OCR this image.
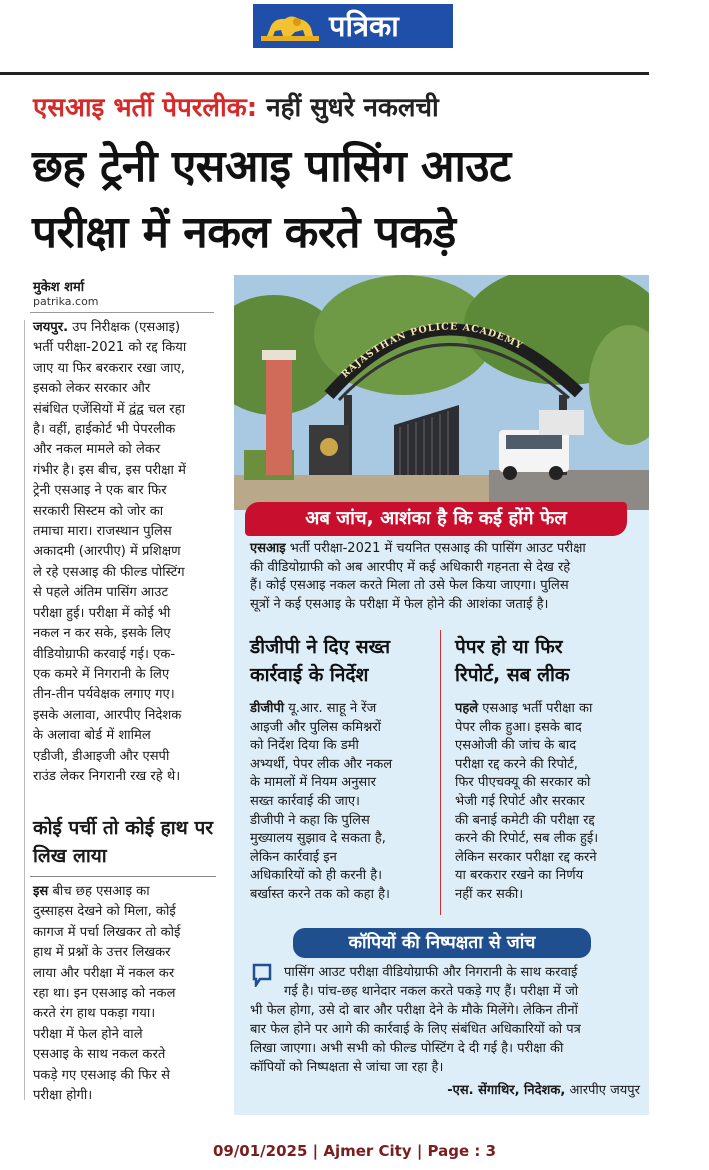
पत्रिका
एसआइ भर्ती पेपरलीक: नहीं सुधरे नकलची
छह ट्रेनी एसआइ पासिंग आउट
परीक्षा में नकल करते पकड़े
मुकेश शर्मा
patrika.com
जयपुर. उप निरीक्षक (एसआइ)
भर्ती परीक्षा-2021 को रद्द किया
जाए या फिर बरकरार रखा जाए,
इसको लेकर सरकार और
संबंधित एजेंसियों में द्वंद्व चल रहा
है। वहीं, हाईकोर्ट भी पेपरलीक
और नकल मामले को लेकर
गंभीर है। इस बीच, इस परीक्षा में
ट्रेनी एसआइ ने एक बार फिर
सरकारी सिस्टम को जोर का
तमाचा मारा। राजस्थान पुलिस
अकादमी (आरपीए) में प्रशिक्षण
ले रहे एसआइ की फील्ड पोस्टिंग
से पहले अंतिम पासिंग आउट
परीक्षा हुई। परीक्षा में कोई भी
नकल न कर सके, इसके लिए
वीडियोग्राफी करवाई गई। एक-
एक कमरे में निगरानी के लिए
तीन-तीन पर्यवेक्षक लगाए गए।
इसके अलावा, आरपीए निदेशक
के अलावा बोर्ड में शामिल
एडीजी, डीआइजी और एसपी
राउंड लेकर निगरानी रख रहे थे।
कोई पर्ची तो कोई हाथ पर लिख लाया
इस बीच छह एसआइ का
दुस्साहस देखने को मिला, कोई
कागज में पर्चा लिखकर तो कोई
हाथ में प्रश्नों के उत्तर लिखकर
लाया और परीक्षा में नकल कर
रहा था। इन एसआइ को नकल
करते रंग हाथ पकड़ा गया।
परीक्षा में फेल होने वाले
एसआइ के साथ नकल करते
पकड़े गए एसआइ की फिर से
परीक्षा होगी।
RAJASTHAN POLICE ACADEMY
अब जांच, आशंका है कि कई होंगे फेल
एसआइ भर्ती परीक्षा-2021 में चयनित एसआइ की पासिंग आउट परीक्षा
की वीडियोग्राफी को अब आरपीए में कई अधिकारी गहनता से देख रहे
हैं। कोई एसआइ नकल करते मिला तो उसे फेल किया जाएगा। पुलिस
सूत्रों ने कई एसआइ के परीक्षा में फेल होने की आशंका जताई है।
डीजीपी ने दिए सख्त
कार्रवाई के निर्देश
डीजीपी यू.आर. साहू ने रेंज
आइजी और पुलिस कमिश्नरों
को निर्देश दिया कि डमी
अभ्यर्थी, पेपर लीक और नकल
के मामलों में नियम अनुसार
सख्त कार्रवाई की जाए।
डीजीपी ने कहा कि पुलिस
मुख्यालय सुझाव दे सकता है,
लेकिन कार्रवाई इन
अधिकारियों को ही करनी है।
बर्खास्त करने तक को कहा है।
पेपर हो या फिर
रिपोर्ट, सब लीक
पहले एसआइ भर्ती परीक्षा का
पेपर लीक हुआ। इसके बाद
एसओजी की जांच के बाद
परीक्षा रद्द करने की रिपोर्ट,
फिर पीएचक्यू की सरकार को
भेजी गई रिपोर्ट और सरकार
की बनाई कमेटी की परीक्षा रद्द
करने की रिपोर्ट, सब लीक हुई।
लेकिन सरकार परीक्षा रद्द करने
या बरकरार रखने का निर्णय
नहीं कर सकी।
कॉपियों की निष्पक्षता से जांच
पासिंग आउट परीक्षा वीडियोग्राफी और निगरानी के साथ करवाई
गई है। पांच-छह थानेदार नकल करते पकड़े गए हैं। परीक्षा में जो
भी फेल होगा, उसे दो बार और परीक्षा देने के मौके मिलेंगे। लेकिन तीनों
बार फेल होने पर आगे की कार्रवाई के लिए संबंधित अधिकारियों को पत्र
लिखा जाएगा। अभी सभी को फील्ड पोस्टिंग दे दी गई है। परीक्षा की
कॉपियों को निष्पक्षता से जांचा जा रहा है।
-एस. सेंगाथिर, निदेशक, आरपीए जयपुर
09/01/2025 | Ajmer City | Page : 3
